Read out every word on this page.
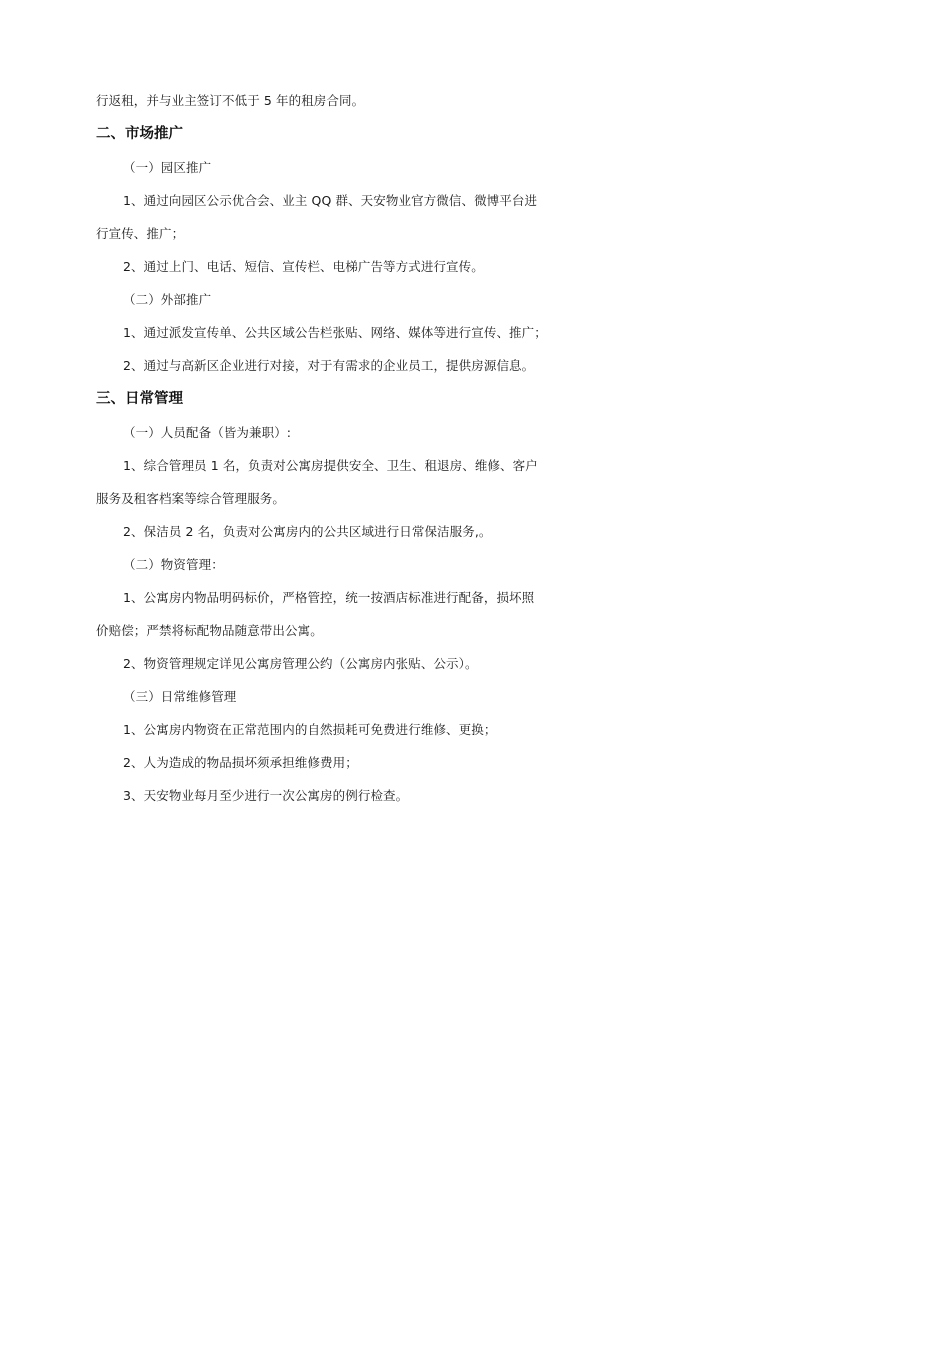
行返租，并与业主签订不低于 5 年的租房合同。
二、市场推广
（一）园区推广
1、通过向园区公示优合会、业主 QQ 群、天安物业官方微信、微博平台进
行宣传、推广；
2、通过上门、电话、短信、宣传栏、电梯广告等方式进行宣传。
（二）外部推广
1、通过派发宣传单、公共区域公告栏张贴、网络、媒体等进行宣传、推广；
2、通过与高新区企业进行对接，对于有需求的企业员工，提供房源信息。
三、日常管理
（一）人员配备（皆为兼职）:
1、综合管理员 1 名，负责对公寓房提供安全、卫生、租退房、维修、客户
服务及租客档案等综合管理服务。
2、保洁员 2 名，负责对公寓房内的公共区域进行日常保洁服务,。
（二）物资管理：
1、公寓房内物品明码标价，严格管控，统一按酒店标准进行配备，损坏照
价赔偿；严禁将标配物品随意带出公寓。
2、物资管理规定详见公寓房管理公约（公寓房内张贴、公示）。
（三）日常维修管理
1、公寓房内物资在正常范围内的自然损耗可免费进行维修、更换；
2、人为造成的物品损坏须承担维修费用；
3、天安物业每月至少进行一次公寓房的例行检查。
